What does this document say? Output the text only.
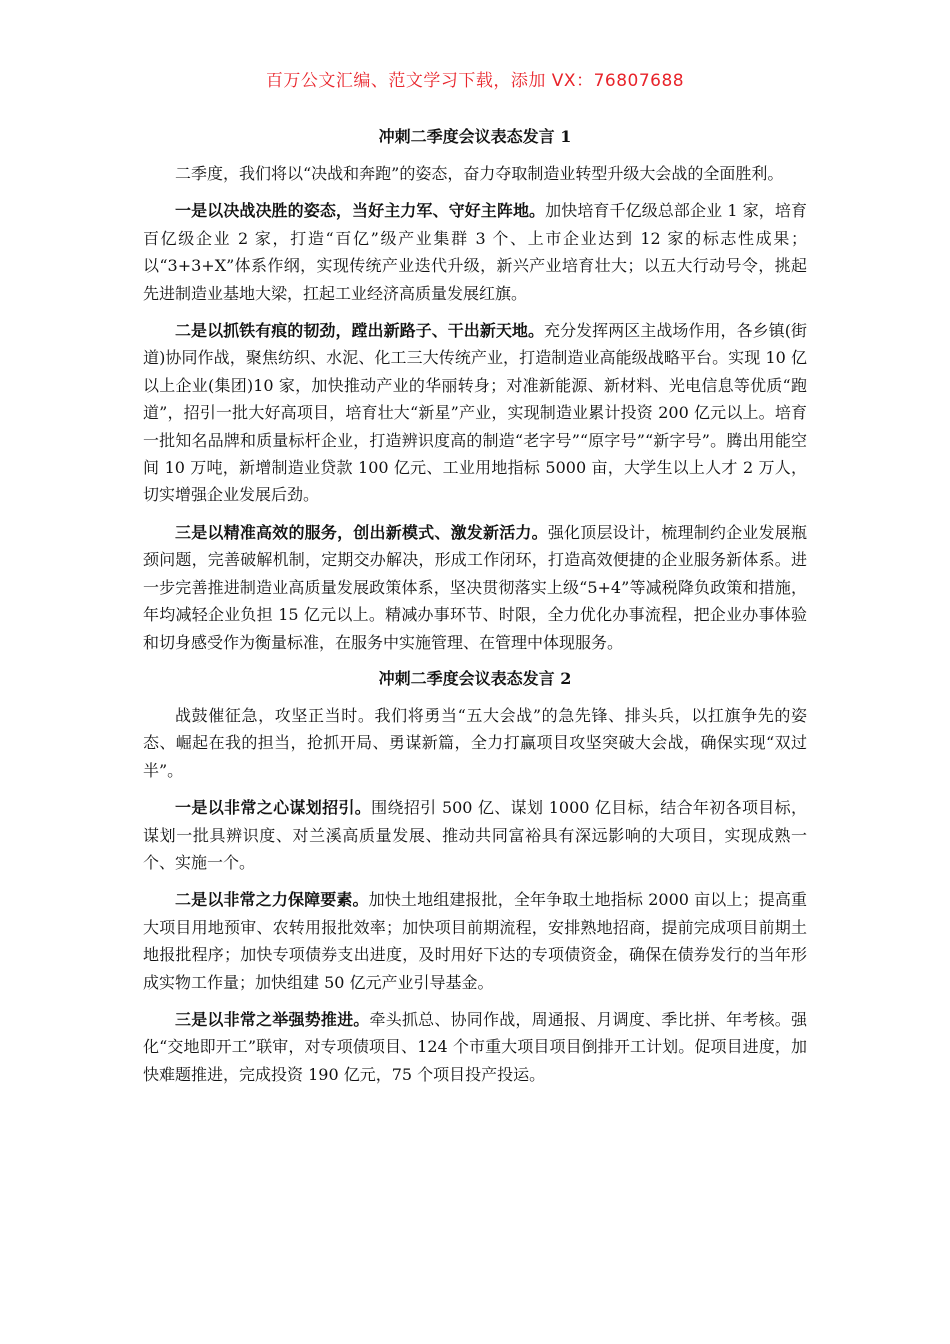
百万公文汇编、范文学习下载，添加 VX：76807688
冲刺二季度会议表态发言 1

二季度，我们将以“决战和奔跑”的姿态，奋力夺取制造业转型升级大会战的全面胜利。

一是以决战决胜的姿态，当好主力军、守好主阵地。加快培育千亿级总部企业 1 家，培育百亿级企业 2 家，打造“百亿”级产业集群 3 个、上市企业达到 12 家的标志性成果；以“3+3+X”体系作纲，实现传统产业迭代升级，新兴产业培育壮大；以五大行动号令，挑起先进制造业基地大梁，扛起工业经济高质量发展红旗。

二是以抓铁有痕的韧劲，蹚出新路子、干出新天地。充分发挥两区主战场作用，各乡镇(街道)协同作战，聚焦纺织、水泥、化工三大传统产业，打造制造业高能级战略平台。实现 10 亿以上企业(集团)10 家，加快推动产业的华丽转身；对准新能源、新材料、光电信息等优质“跑道”，招引一批大好高项目，培育壮大“新星”产业，实现制造业累计投资 200 亿元以上。培育一批知名品牌和质量标杆企业，打造辨识度高的制造“老字号”“原字号”“新字号”。腾出用能空间 10 万吨，新增制造业贷款 100 亿元、工业用地指标 5000 亩，大学生以上人才 2 万人，切实增强企业发展后劲。

三是以精准高效的服务，创出新模式、激发新活力。强化顶层设计，梳理制约企业发展瓶颈问题，完善破解机制，定期交办解决，形成工作闭环，打造高效便捷的企业服务新体系。进一步完善推进制造业高质量发展政策体系，坚决贯彻落实上级“5+4”等减税降负政策和措施，年均减轻企业负担 15 亿元以上。精减办事环节、时限，全力优化办事流程，把企业办事体验和切身感受作为衡量标准，在服务中实施管理、在管理中体现服务。

冲刺二季度会议表态发言 2

战鼓催征急，攻坚正当时。我们将勇当“五大会战”的急先锋、排头兵，以扛旗争先的姿态、崛起在我的担当，抢抓开局、勇谋新篇，全力打赢项目攻坚突破大会战，确保实现“双过半”。

一是以非常之心谋划招引。围绕招引 500 亿、谋划 1000 亿目标，结合年初各项目标，谋划一批具辨识度、对兰溪高质量发展、推动共同富裕具有深远影响的大项目，实现成熟一个、实施一个。

二是以非常之力保障要素。加快土地组建报批，全年争取土地指标 2000 亩以上；提高重大项目用地预审、农转用报批效率；加快项目前期流程，安排熟地招商，提前完成项目前期土地报批程序；加快专项债券支出进度，及时用好下达的专项债资金，确保在债券发行的当年形成实物工作量；加快组建 50 亿元产业引导基金。

三是以非常之举强势推进。牵头抓总、协同作战，周通报、月调度、季比拼、年考核。强化“交地即开工”联审，对专项债项目、124 个市重大项目项目倒排开工计划。促项目进度，加快难题推进，完成投资 190 亿元，75 个项目投产投运。
